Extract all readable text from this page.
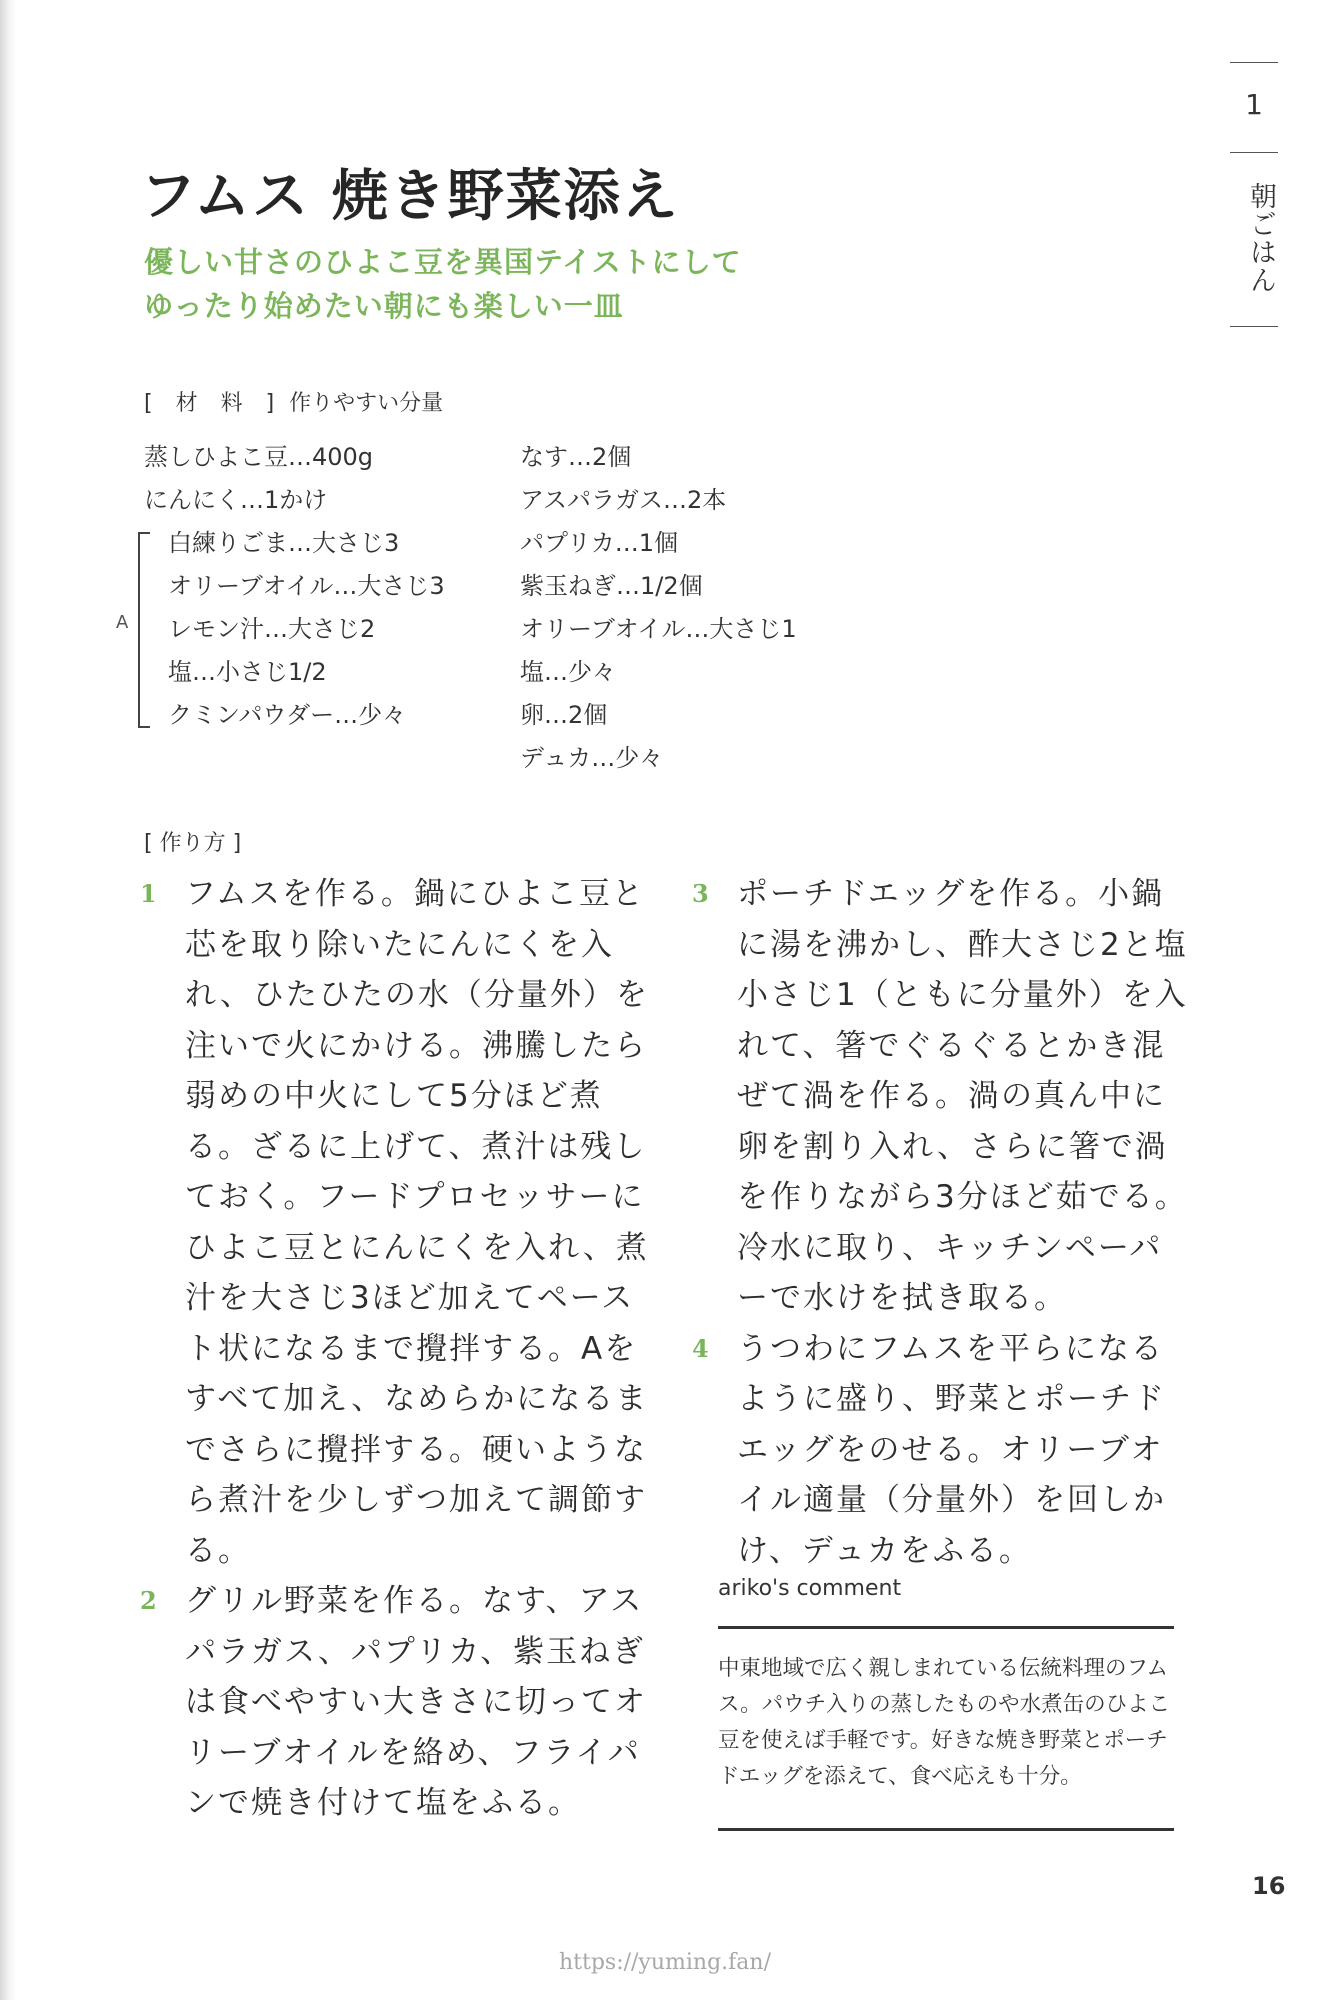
1
朝ごはん
フムス 焼き野菜添え
優しい甘さのひよこ豆を異国テイストにして
ゆったり始めたい朝にも楽しい一皿
[ 材 料 ] 作りやすい分量
蒸しひよこ豆…400g
にんにく…1かけ
白練りごま…大さじ3
オリーブオイル…大さじ3
レモン汁…大さじ2
塩…小さじ1/2
クミンパウダー…少々
A
なす…2個
アスパラガス…2本
パプリカ…1個
紫玉ねぎ…1/2個
オリーブオイル…大さじ1
塩…少々
卵…2個
デュカ…少々
[ 作り方 ]
1 フムスを作る。鍋にひよこ豆と芯を取り除いたにんにくを入れ、ひたひたの水（分量外）を注いで火にかける。沸騰したら弱めの中火にして5分ほど煮る。ざるに上げて、煮汁は残しておく。フードプロセッサーにひよこ豆とにんにくを入れ、煮汁を大さじ3ほど加えてペースト状になるまで攪拌する。Aをすべて加え、なめらかになるまでさらに攪拌する。硬いようなら煮汁を少しずつ加えて調節する。
2 グリル野菜を作る。なす、アスパラガス、パプリカ、紫玉ねぎは食べやすい大きさに切ってオリーブオイルを絡め、フライパンで焼き付けて塩をふる。
3 ポーチドエッグを作る。小鍋に湯を沸かし、酢大さじ2と塩小さじ1（ともに分量外）を入れて、箸でぐるぐるとかき混ぜて渦を作る。渦の真ん中に卵を割り入れ、さらに箸で渦を作りながら3分ほど茹でる。冷水に取り、キッチンペーパーで水けを拭き取る。
4 うつわにフムスを平らになるように盛り、野菜とポーチドエッグをのせる。オリーブオイル適量（分量外）を回しかけ、デュカをふる。
ariko's comment
中東地域で広く親しまれている伝統料理のフムス。パウチ入りの蒸したものや水煮缶のひよこ豆を使えば手軽です。好きな焼き野菜とポーチドエッグを添えて、食べ応えも十分。
16
https://yuming.fan/
